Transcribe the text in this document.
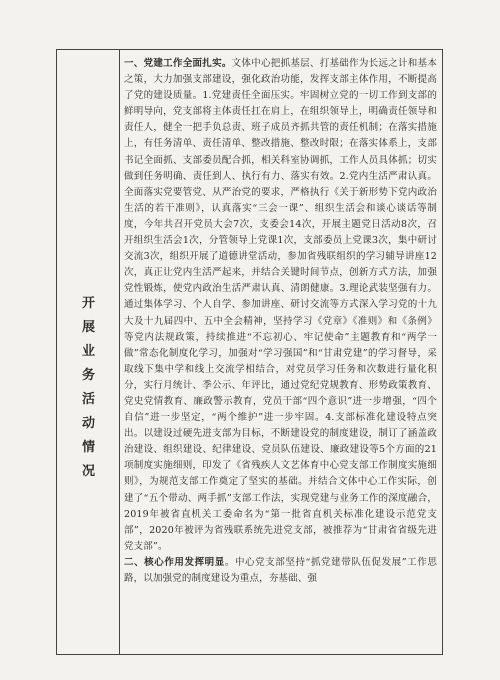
开
展
业
务
活
动
情
况

一、党建工作全面扎实。文体中心把抓基层、打基础作为长远之计和基本之策，大力加强支部建设，强化政治功能，发挥支部主体作用，不断提高了党的建设质量。1.党建责任全面压实。牢固树立党的一切工作到支部的鲜明导向，党支部将主体责任扛在肩上，在组织领导上，明确责任领导和责任人，健全一把手负总责、班子成员齐抓共管的责任机制；在落实措施上，有任务清单、责任清单、整改措施、整改时限；在落实体系上，支部书记全面抓、支部委员配合抓，相关科室协调抓，工作人员具体抓；切实做到任务明确、责任到人、执行有力、落实有效。2.党内生活严肃认真。全面落实党要管党、从严治党的要求，严格执行《关于新形势下党内政治生活的若干准则》，认真落实“三会一课”、组织生活会和谈心谈话等制度，今年共召开党员大会7次，支委会14次，开展主题党日活动8次，召开组织生活会1次，分管领导上党课1次，支部委员上党课3次，集中研讨交流3次，组织开展了道德讲堂活动，参加省残联组织的学习辅导讲座12次，真正让党内生活严起来，并结合关键时间节点，创新方式方法，加强党性锻炼，使党内政治生活严肃认真、清朗健康。3.理论武装坚强有力。通过集体学习、个人自学、参加讲座、研讨交流等方式深入学习党的十九大及十九届四中、五中全会精神，坚持学习《党章》《准则》和《条例》等党内法规政策，持续推进“不忘初心、牢记使命”主题教育和“两学一做”常态化制度化学习，加强对“学习强国”和“甘肃党建”的学习督导，采取线下集中学和线上交流学相结合，对党员学习任务和次数进行量化积分，实行月统计、季公示、年评比，通过党纪党规教育、形势政策教育、党史党情教育、廉政警示教育，党员干部“四个意识”进一步增强，“四个自信”进一步坚定，“两个维护”进一步牢固。4.支部标准化建设特点突出。以建设过硬先进支部为目标，不断建设党的制度建设，制订了涵盖政治建设、组织建设、纪律建设、党员队伍建设、廉政建设等5个方面的21项制度实施细则，印发了《省残疾人文艺体育中心党支部工作制度实施细则》，为规范支部工作奠定了坚实的基础。并结合文体中心工作实际，创建了“五个带动、两手抓”支部工作法，实现党建与业务工作的深度融合，2019年被省直机关工委命名为“第一批省直机关标准化建设示范党支部”，2020年被评为省残联系统先进党支部，被推荐为“甘肃省省级先进党支部”。

二、核心作用发挥明显。中心党支部坚持“抓党建带队伍促发展”工作思路，以加强党的制度建设为重点，夯基础、强
